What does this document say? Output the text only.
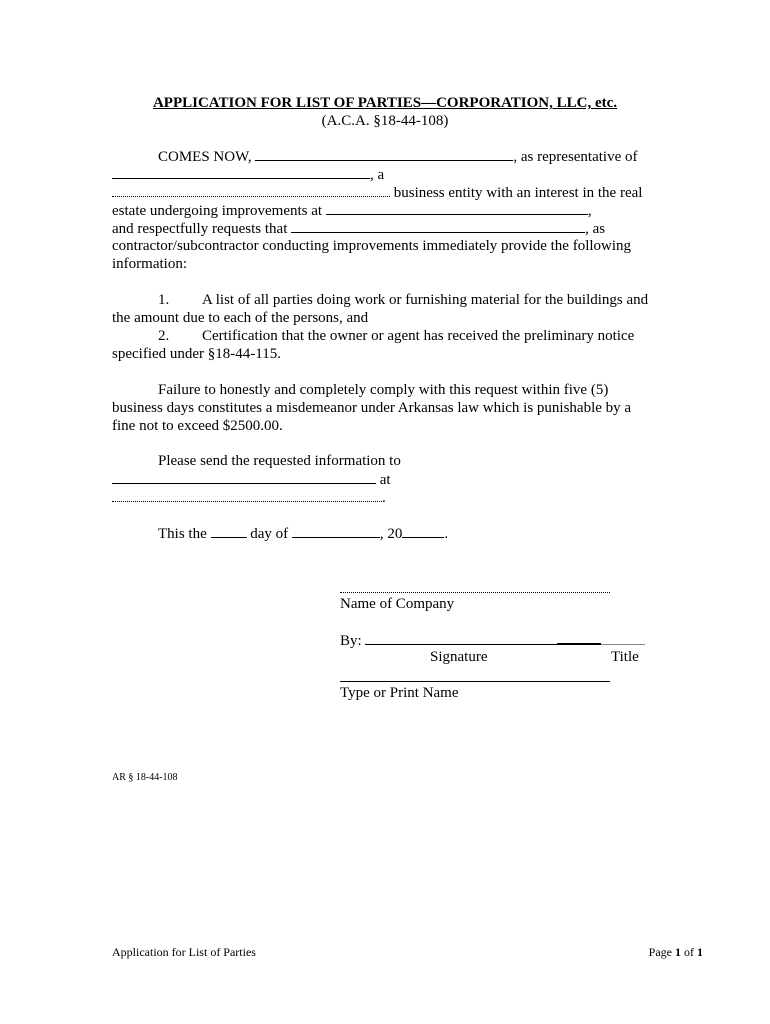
APPLICATION FOR LIST OF PARTIES—CORPORATION, LLC, etc.
(A.C.A. §18-44-108)
COMES NOW,	, as representative of
, a
business entity with an interest in the real
estate undergoing improvements at	,
and respectfully requests that	, as
contractor/subcontractor conducting improvements immediately provide the following
information:
1. A list of all parties doing work or furnishing material for the buildings and
the amount due to each of the persons, and
2. Certification that the owner or agent has received the preliminary notice
specified under §18-44-115.
Failure to honestly and completely comply with this request within five (5)
business days constitutes a misdemeanor under Arkansas law which is punishable by a
fine not to exceed $2500.00.
Please send the requested information to
at
.
This the	day of	, 20	.
Name of Company
By:
Signature	Title
Type or Print Name
AR § 18-44-108
Application for List of Parties	Page 1 of 1
